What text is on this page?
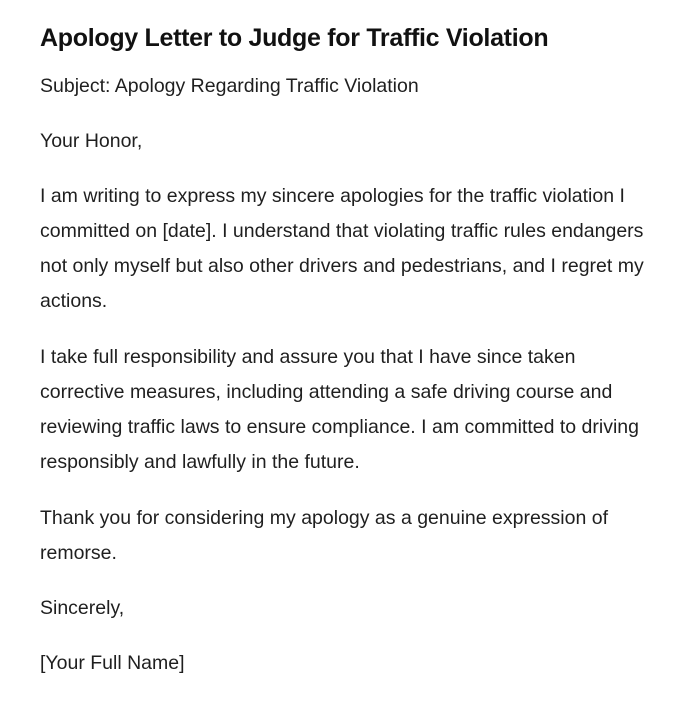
Apology Letter to Judge for Traffic Violation

Subject: Apology Regarding Traffic Violation

Your Honor,

I am writing to express my sincere apologies for the traffic violation I committed on [date]. I understand that violating traffic rules endangers not only myself but also other drivers and pedestrians, and I regret my actions.

I take full responsibility and assure you that I have since taken corrective measures, including attending a safe driving course and reviewing traffic laws to ensure compliance. I am committed to driving responsibly and lawfully in the future.

Thank you for considering my apology as a genuine expression of remorse.

Sincerely,

[Your Full Name]
